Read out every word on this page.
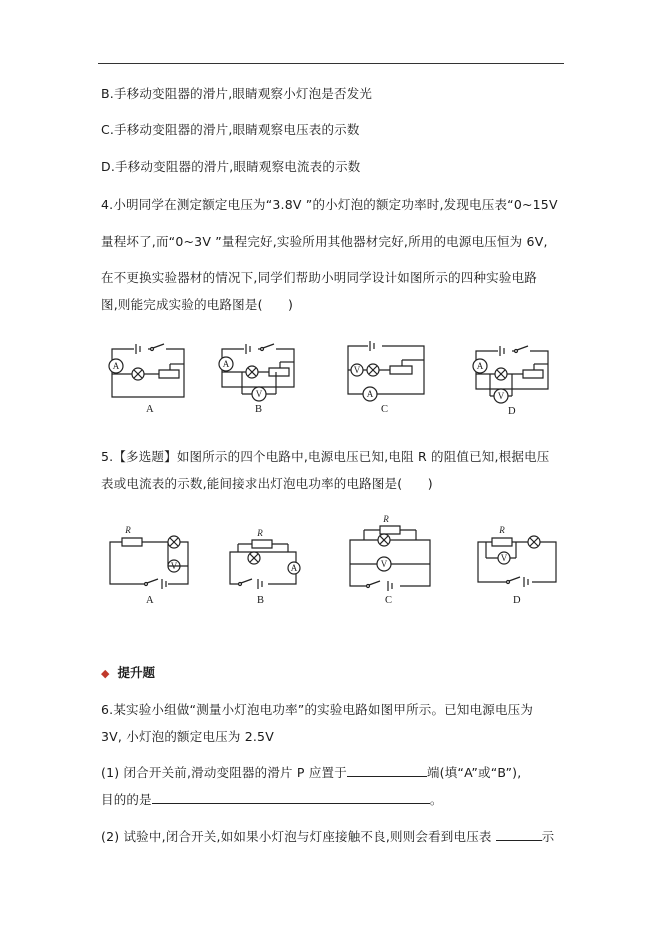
B.手移动变阻器的滑片,眼睛观察小灯泡是否发光
C.手移动变阻器的滑片,眼睛观察电压表的示数
D.手移动变阻器的滑片,眼睛观察电流表的示数
4.小明同学在测定额定电压为“3.8V ”的小灯泡的额定功率时,发现电压表“0~15V
量程坏了,而“0~3V ”量程完好,实验所用其他器材完好,所用的电源电压恒为 6V,
在不更换实验器材的情况下,同学们帮助小明同学设计如图所示的四种实验电路
图,则能完成实验的电路图是(　　)
A
A
A
V
B
V
A
C
A
V
D
5.【多选题】如图所示的四个电路中,电源电压已知,电阻 R 的阻值已知,根据电压
表或电流表的示数,能间接求出灯泡电功率的电路图是(　　)
V
R
A
A
R
B
V
R
C
V
R
D
◆ 提升题
6.某实验小组做“测量小灯泡电功率”的实验电路如图甲所示。已知电源电压为
3V, 小灯泡的额定电压为 2.5V
(1) 闭合开关前,滑动变阻器的滑片 P 应置于	端(填“A”或“B”),
目的的是	。
(2) 试验中,闭合开关,如如果小灯泡与灯座接触不良,则则会看到电压表	示
